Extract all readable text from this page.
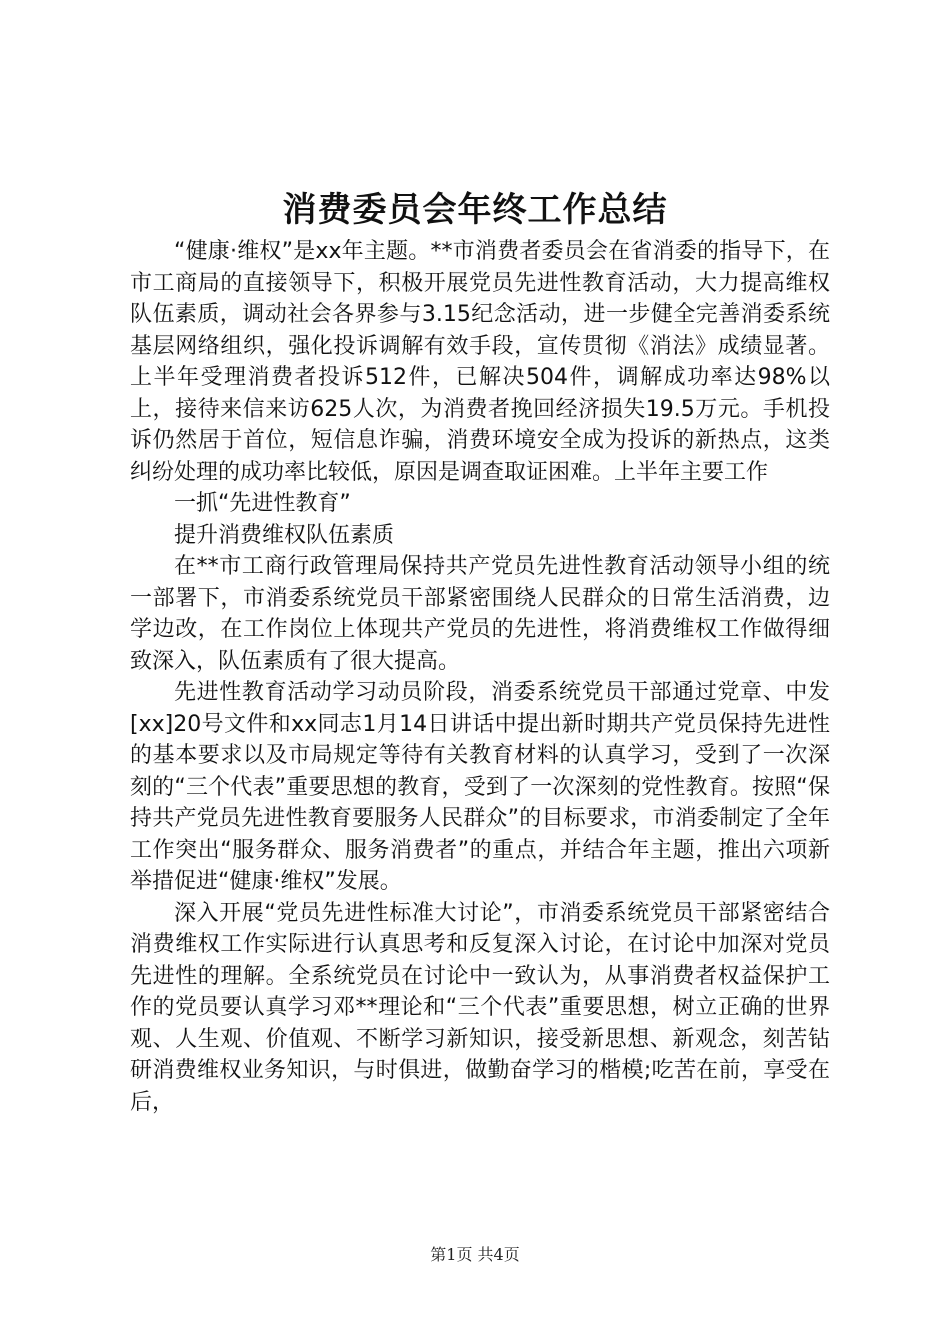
消费委员会年终工作总结

“健康·维权”是xx年主题。**市消费者委员会在省消委的指导下，在市工商局的直接领导下，积极开展党员先进性教育活动，大力提高维权队伍素质，调动社会各界参与3.15纪念活动，进一步健全完善消委系统基层网络组织，强化投诉调解有效手段，宣传贯彻《消法》成绩显著。上半年受理消费者投诉512件，已解决504件，调解成功率达98%以上，接待来信来访625人次，为消费者挽回经济损失19.5万元。手机投诉仍然居于首位，短信息诈骗，消费环境安全成为投诉的新热点，这类纠纷处理的成功率比较低，原因是调查取证困难。上半年主要工作

一抓“先进性教育”

提升消费维权队伍素质

在**市工商行政管理局保持共产党员先进性教育活动领导小组的统一部署下，市消委系统党员干部紧密围绕人民群众的日常生活消费，边学边改，在工作岗位上体现共产党员的先进性，将消费维权工作做得细致深入，队伍素质有了很大提高。

先进性教育活动学习动员阶段，消委系统党员干部通过党章、中发[xx]20号文件和xx同志1月14日讲话中提出新时期共产党员保持先进性的基本要求以及市局规定等待有关教育材料的认真学习，受到了一次深刻的“三个代表”重要思想的教育，受到了一次深刻的党性教育。按照“保持共产党员先进性教育要服务人民群众”的目标要求，市消委制定了全年工作突出“服务群众、服务消费者”的重点，并结合年主题，推出六项新举措促进“健康·维权”发展。

深入开展“党员先进性标准大讨论”，市消委系统党员干部紧密结合消费维权工作实际进行认真思考和反复深入讨论，在讨论中加深对党员先进性的理解。全系统党员在讨论中一致认为，从事消费者权益保护工作的党员要认真学习邓**理论和“三个代表”重要思想，树立正确的世界观、人生观、价值观、不断学习新知识，接受新思想、新观念，刻苦钻研消费维权业务知识，与时俱进，做勤奋学习的楷模;吃苦在前，享受在后，

第1页 共4页
